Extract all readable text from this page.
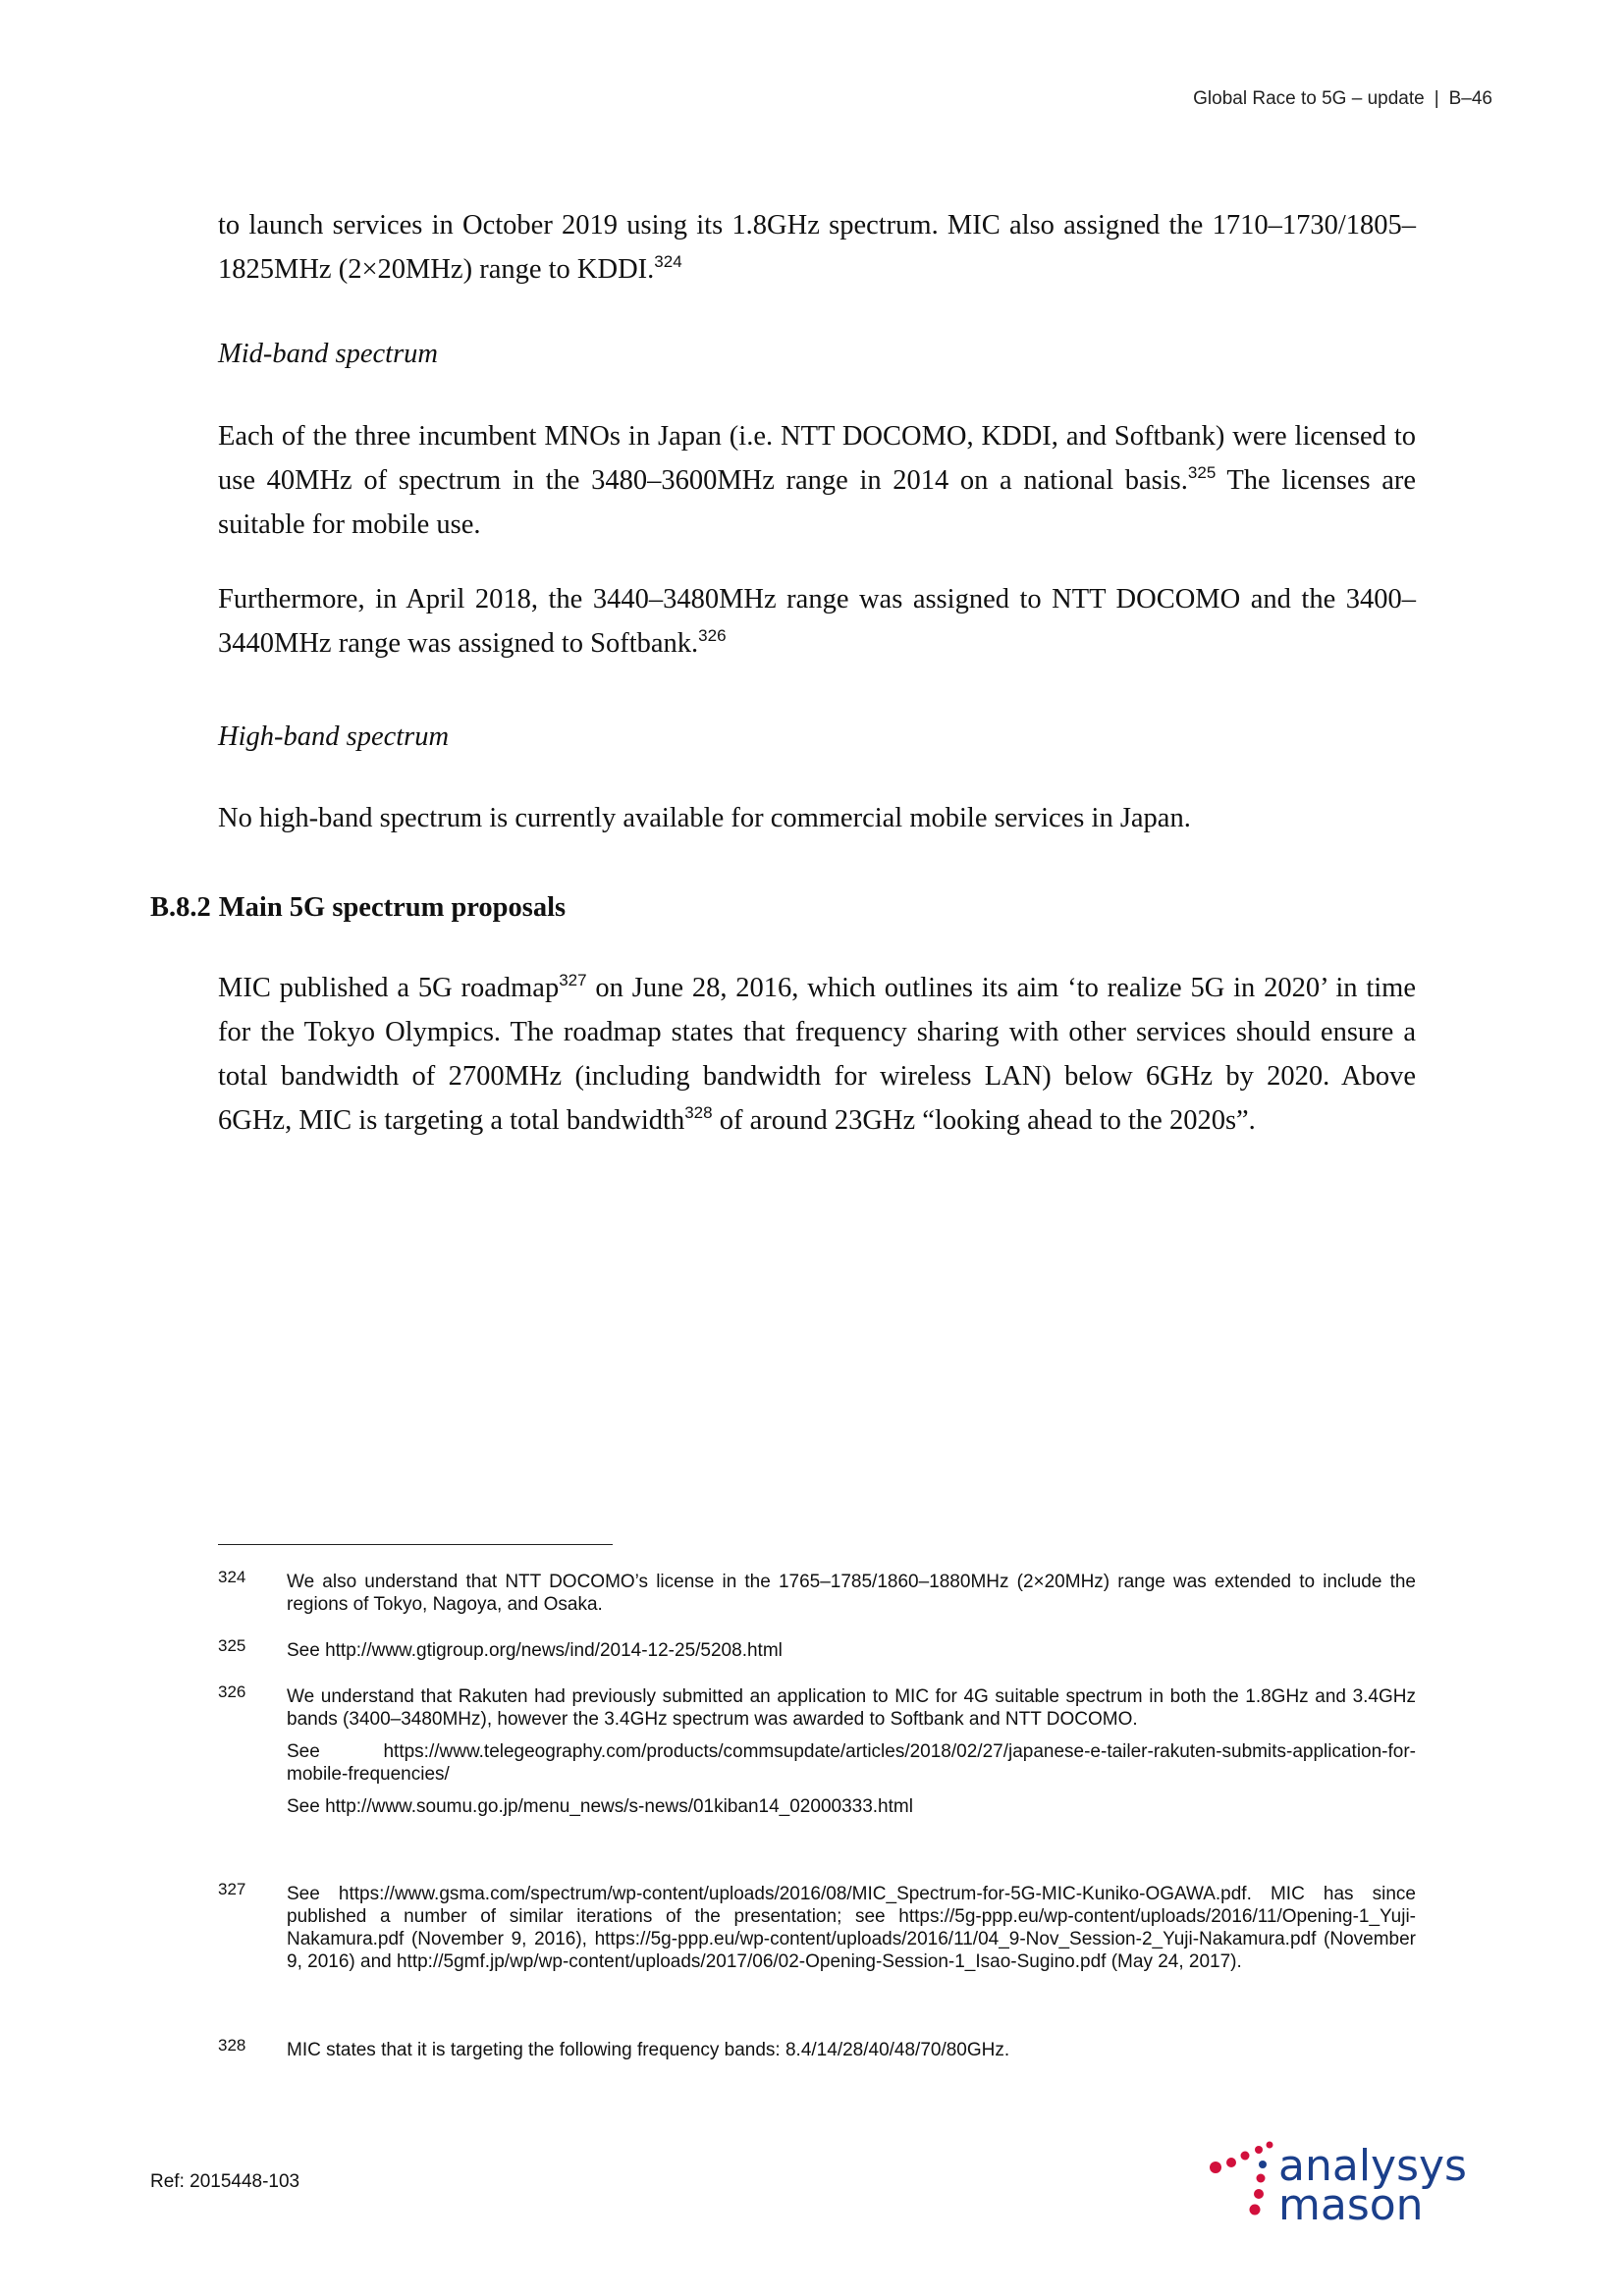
Global Race to 5G – update | B–46

to launch services in October 2019 using its 1.8GHz spectrum. MIC also assigned the 1710–1730/1805–1825MHz (2×20MHz) range to KDDI.$^{324}$

Mid-band spectrum

Each of the three incumbent MNOs in Japan (i.e. NTT DOCOMO, KDDI, and Softbank) were licensed to use 40MHz of spectrum in the 3480–3600MHz range in 2014 on a national basis.$^{325}$ The licenses are suitable for mobile use.

Furthermore, in April 2018, the 3440–3480MHz range was assigned to NTT DOCOMO and the 3400–3440MHz range was assigned to Softbank.$^{326}$

High-band spectrum

No high-band spectrum is currently available for commercial mobile services in Japan.

B.8.2 Main 5G spectrum proposals

MIC published a 5G roadmap$^{327}$ on June 28, 2016, which outlines its aim ‘to realize 5G in 2020’ in time for the Tokyo Olympics. The roadmap states that frequency sharing with other services should ensure a total bandwidth of 2700MHz (including bandwidth for wireless LAN) below 6GHz by 2020. Above 6GHz, MIC is targeting a total bandwidth$^{328}$ of around 23GHz “looking ahead to the 2020s”.

324 We also understand that NTT DOCOMO’s license in the 1765–1785/1860–1880MHz (2×20MHz) range was extended to include the regions of Tokyo, Nagoya, and Osaka.

325 See http://www.gtigroup.org/news/ind/2014-12-25/5208.html

326 We understand that Rakuten had previously submitted an application to MIC for 4G suitable spectrum in both the 1.8GHz and 3.4GHz bands (3400–3480MHz), however the 3.4GHz spectrum was awarded to Softbank and NTT DOCOMO.

See https://www.telegeography.com/products/commsupdate/articles/2018/02/27/japanese-e-tailer-rakuten-submits-application-for-mobile-frequencies/

See http://www.soumu.go.jp/menu_news/s-news/01kiban14_02000333.html

327 See https://www.gsma.com/spectrum/wp-content/uploads/2016/08/MIC_Spectrum-for-5G-MIC-Kuniko-OGAWA.pdf. MIC has since published a number of similar iterations of the presentation; see https://5g-ppp.eu/wp-content/uploads/2016/11/Opening-1_Yuji-Nakamura.pdf (November 9, 2016), https://5g-ppp.eu/wp-content/uploads/2016/11/04_9-Nov_Session-2_Yuji-Nakamura.pdf (November 9, 2016) and http://5gmf.jp/wp/wp-content/uploads/2017/06/02-Opening-Session-1_Isao-Sugino.pdf (May 24, 2017).

328 MIC states that it is targeting the following frequency bands: 8.4/14/28/40/48/70/80GHz.

Ref: 2015448-103	analysys
mason
